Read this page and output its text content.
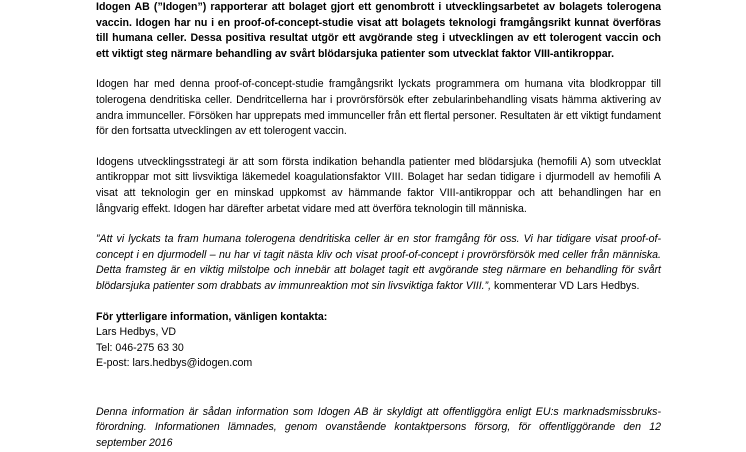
Idogen AB (”Idogen”) rapporterar att bolaget gjort ett genombrott i utvecklingsarbetet av bolagets tolerogena vaccin. Idogen har nu i en proof-of-concept-studie visat att bolagets teknologi framgångsrikt kunnat överföras till humana celler. Dessa positiva resultat utgör ett avgörande steg i utvecklingen av ett tolerogent vaccin och ett viktigt steg närmare behandling av svårt blödarsjuka patienter som utvecklat faktor VIII-antikroppar.

Idogen har med denna proof-of-concept-studie framgångsrikt lyckats programmera om humana vita blodkroppar till tolerogena dendritiska celler. Dendritcellerna har i provrörsförsök efter zebularinbehandling visats hämma aktivering av andra immunceller. Försöken har upprepats med immunceller från ett flertal personer. Resultaten är ett viktigt fundament för den fortsatta utvecklingen av ett tolerogent vaccin.

Idogens utvecklingsstrategi är att som första indikation behandla patienter med blödarsjuka (hemofili A) som utvecklat antikroppar mot sitt livsviktiga läkemedel koagulationsfaktor VIII. Bolaget har sedan tidigare i djurmodell av hemofili A visat att teknologin ger en minskad uppkomst av hämmande faktor VIII-antikroppar och att behandlingen har en långvarig effekt. Idogen har därefter arbetat vidare med att överföra teknologin till människa.

”Att vi lyckats ta fram humana tolerogena dendritiska celler är en stor framgång för oss. Vi har tidigare visat proof-of-concept i en djurmodell – nu har vi tagit nästa kliv och visat proof-of-concept i provrörsförsök med celler från människa. Detta framsteg är en viktig milstolpe och innebär att bolaget tagit ett avgörande steg närmare en behandling för svårt blödarsjuka patienter som drabbats av immunreaktion mot sin livsviktiga faktor VIII.”, kommenterar VD Lars Hedbys.

För ytterligare information, vänligen kontakta:

Lars Hedbys, VD

Tel: 046-275 63 30

E-post: lars.hedbys@idogen.com

Denna information är sådan information som Idogen AB är skyldigt att offentliggöra enligt EU:s marknadsmissbruksförordning. Informationen lämnades, genom ovanstående kontaktpersons försorg, för offentliggörande den 12 september 2016
